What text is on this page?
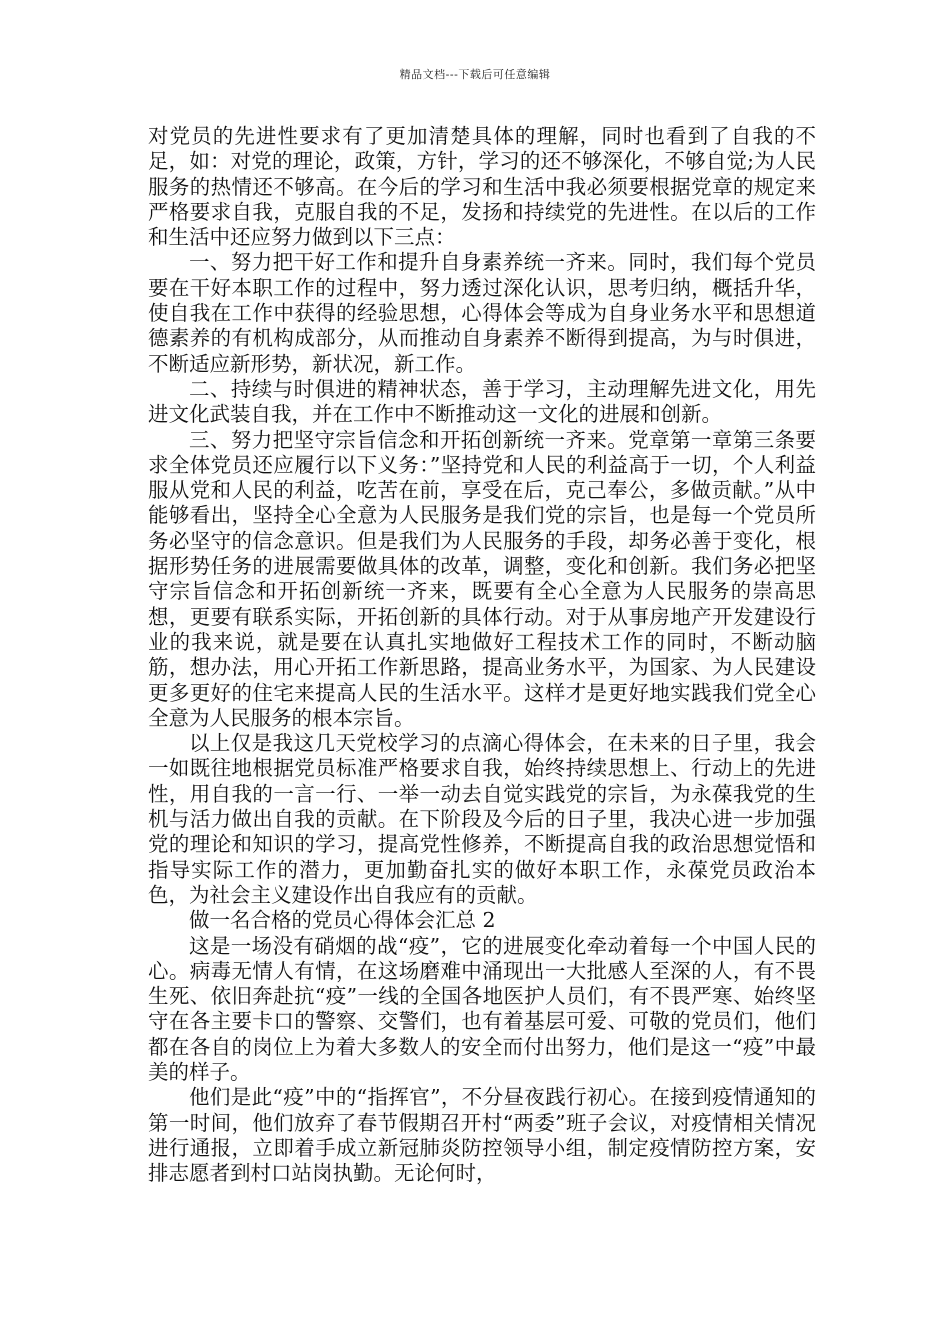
精品文档---下载后可任意编辑

对党员的先进性要求有了更加清楚具体的理解，同时也看到了自我的不足，如：对党的理论，政策，方针，学习的还不够深化，不够自觉;为人民服务的热情还不够高。在今后的学习和生活中我必须要根据党章的规定来严格要求自我，克服自我的不足，发扬和持续党的先进性。在以后的工作和生活中还应努力做到以下三点：

一、努力把干好工作和提升自身素养统一齐来。同时，我们每个党员要在干好本职工作的过程中，努力透过深化认识，思考归纳，概括升华，使自我在工作中获得的经验思想，心得体会等成为自身业务水平和思想道德素养的有机构成部分，从而推动自身素养不断得到提高，为与时俱进，不断适应新形势，新状况，新工作。

二、持续与时俱进的精神状态，善于学习，主动理解先进文化，用先进文化武装自我，并在工作中不断推动这一文化的进展和创新。

三、努力把坚守宗旨信念和开拓创新统一齐来。党章第一章第三条要求全体党员还应履行以下义务：”坚持党和人民的利益高于一切，个人利益服从党和人民的利益，吃苦在前，享受在后，克己奉公，多做贡献。”从中能够看出，坚持全心全意为人民服务是我们党的宗旨，也是每一个党员所务必坚守的信念意识。但是我们为人民服务的手段，却务必善于变化，根据形势任务的进展需要做具体的改革，调整，变化和创新。我们务必把坚守宗旨信念和开拓创新统一齐来，既要有全心全意为人民服务的崇高思想，更要有联系实际，开拓创新的具体行动。对于从事房地产开发建设行业的我来说，就是要在认真扎实地做好工程技术工作的同时，不断动脑筋，想办法，用心开拓工作新思路，提高业务水平，为国家、为人民建设更多更好的住宅来提高人民的生活水平。这样才是更好地实践我们党全心全意为人民服务的根本宗旨。

以上仅是我这几天党校学习的点滴心得体会，在未来的日子里，我会一如既往地根据党员标准严格要求自我，始终持续思想上、行动上的先进性，用自我的一言一行、一举一动去自觉实践党的宗旨，为永葆我党的生机与活力做出自我的贡献。在下阶段及今后的日子里，我决心进一步加强党的理论和知识的学习，提高党性修养，不断提高自我的政治思想觉悟和指导实际工作的潜力，更加勤奋扎实的做好本职工作，永葆党员政治本色，为社会主义建设作出自我应有的贡献。

做一名合格的党员心得体会汇总 2

这是一场没有硝烟的战“疫”，它的进展变化牵动着每一个中国人民的心。病毒无情人有情，在这场磨难中涌现出一大批感人至深的人，有不畏生死、依旧奔赴抗“疫”一线的全国各地医护人员们，有不畏严寒、始终坚守在各主要卡口的警察、交警们，也有着基层可爱、可敬的党员们，他们都在各自的岗位上为着大多数人的安全而付出努力，他们是这一“疫”中最美的样子。

他们是此“疫”中的“指挥官”，不分昼夜践行初心。在接到疫情通知的第一时间，他们放弃了春节假期召开村“两委”班子会议，对疫情相关情况进行通报，立即着手成立新冠肺炎防控领导小组，制定疫情防控方案，安排志愿者到村口站岗执勤。无论何时，
